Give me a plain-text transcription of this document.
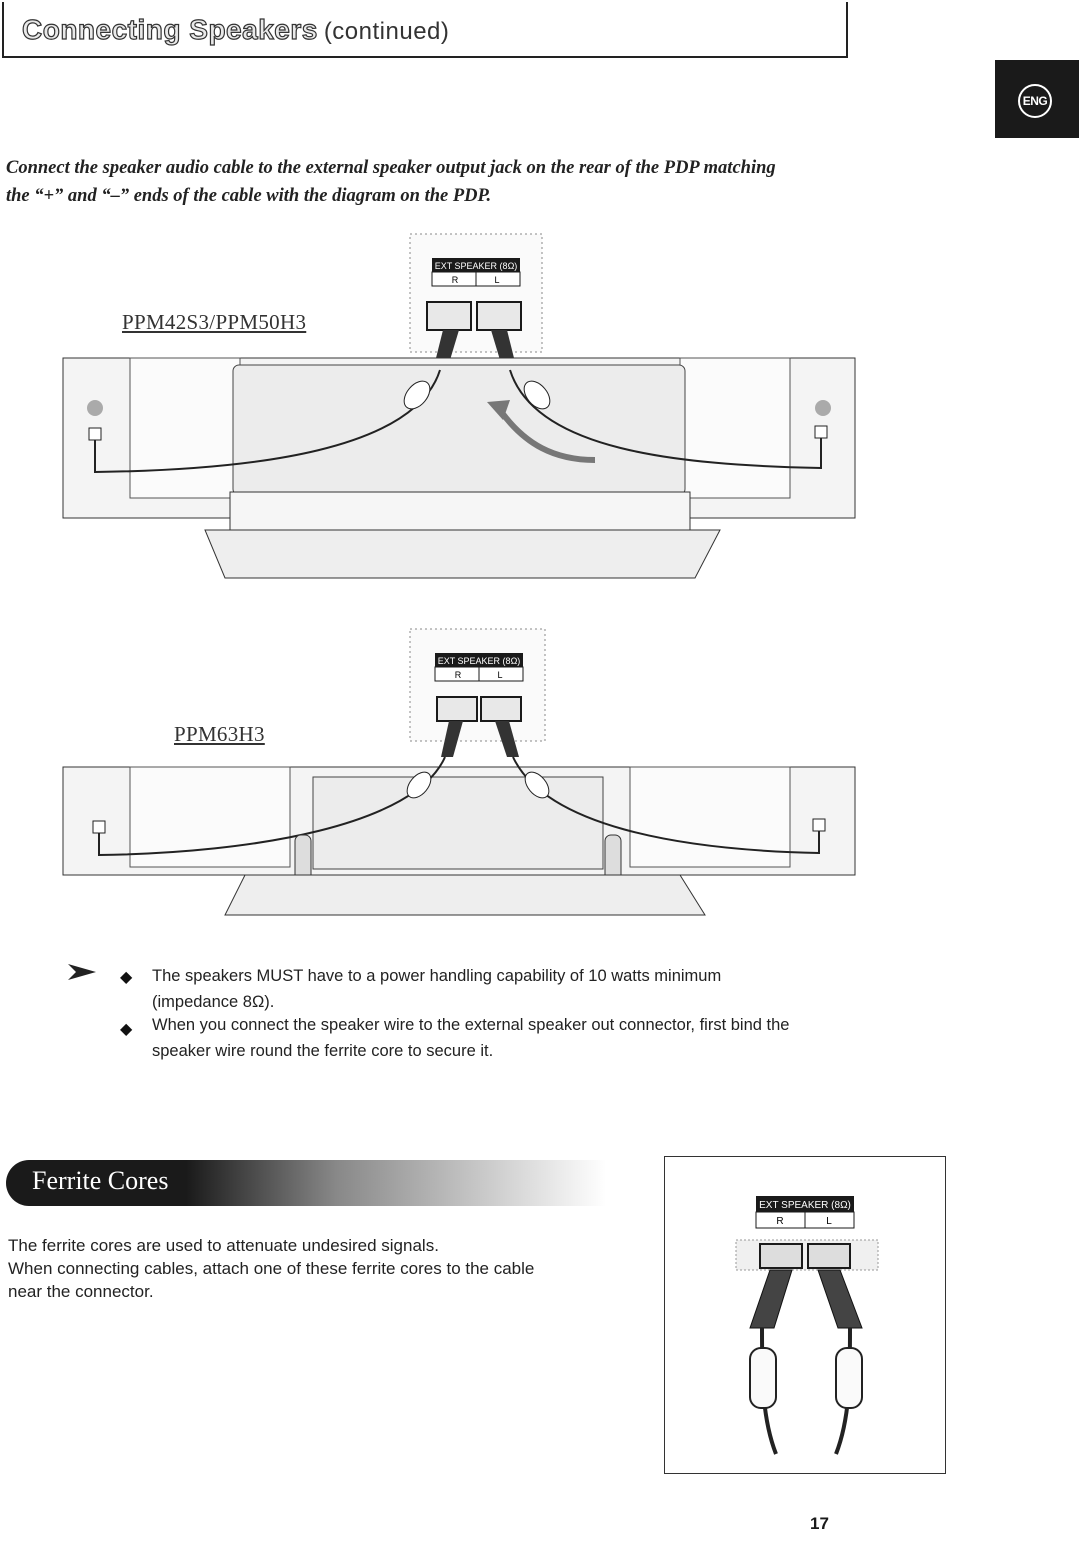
Connecting Speakers (continued)
ENG
Connect the speaker audio cable to the external speaker output jack on the rear of the PDP matching
the “+” and “–” ends of the cable with the diagram on the PDP.
PPM42S3/PPM50H3
EXT SPEAKER (8Ω)
R	L
PPM63H3
EXT SPEAKER (8Ω)
R	L
◆ The speakers MUST have to a power handling capability of 10 watts minimum
(impedance 8Ω).
◆ When you connect the speaker wire to the external speaker out connector, first bind the
speaker wire round the ferrite core to secure it.
Ferrite Cores
The ferrite cores are used to attenuate undesired signals.
When connecting cables, attach one of these ferrite cores to the cable
near the connector.
EXT SPEAKER (8Ω)
R	L
17
